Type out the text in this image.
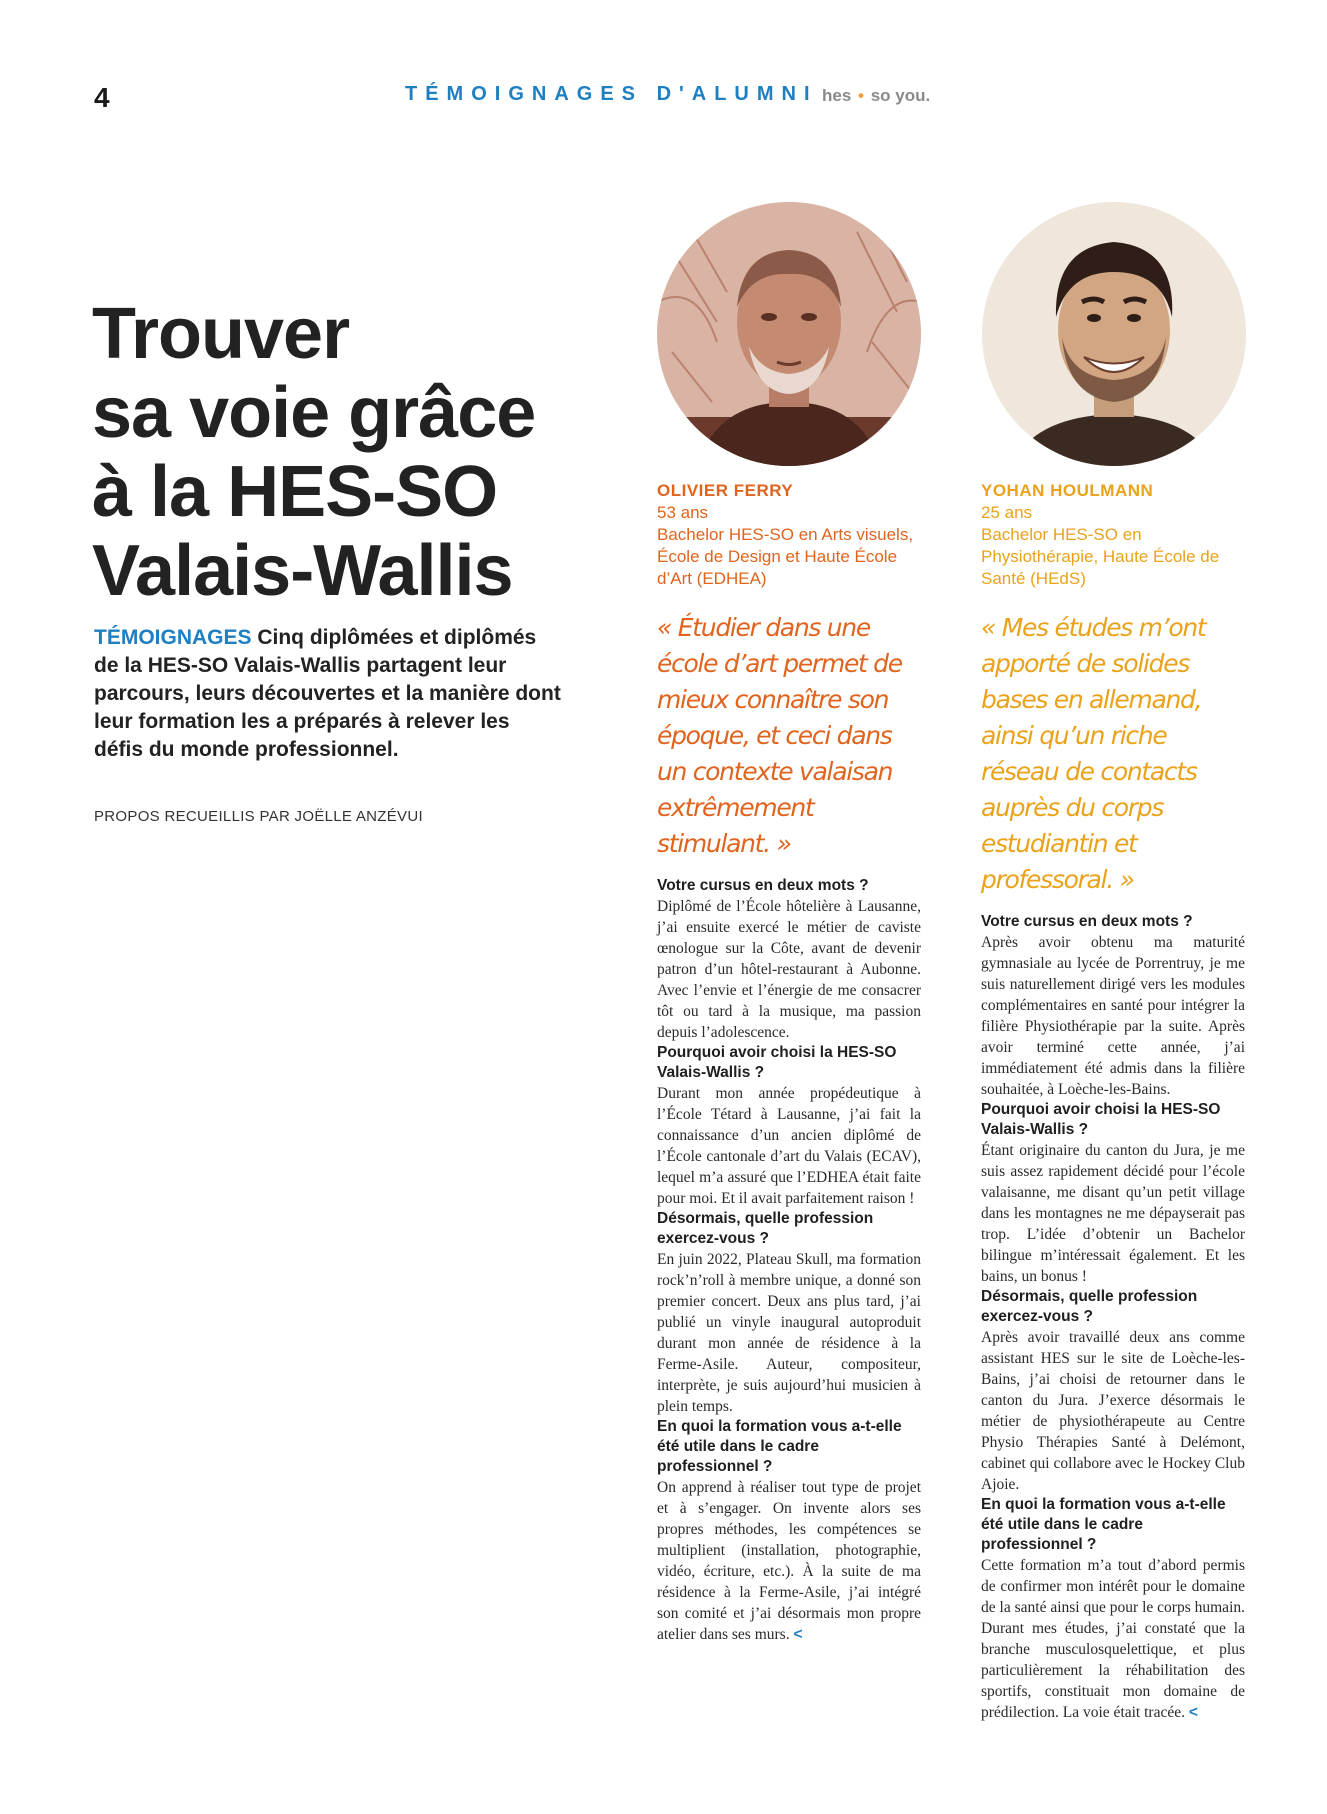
4	TÉMOIGNAGES D'ALUMNI hes • so you.
Trouver
sa voie grâce
à la HES-SO
Valais-Wallis

TÉMOIGNAGES Cinq diplômées et diplômés de la HES-SO Valais-Wallis partagent leur parcours, leurs découvertes et la manière dont leur formation les a préparés à relever les défis du monde professionnel.

PROPOS RECUEILLIS PAR JOËLLE ANZÉVUI
OLIVIER FERRY
53 ans
Bachelor HES-SO en Arts visuels, École de Design et Haute École d’Art (EDHEA)
« Étudier dans une école d’art permet de mieux connaître son époque, et ceci dans un contexte valaisan extrêmement stimulant. »
Votre cursus en deux mots ?

Diplômé de l’École hôtelière à Lausanne, j’ai ensuite exercé le métier de caviste œnologue sur la Côte, avant de devenir patron d’un hôtel-restaurant à Aubonne. Avec l’envie et l’énergie de me consacrer tôt ou tard à la musique, ma passion depuis l’adolescence.

Pourquoi avoir choisi la HES-SO Valais-Wallis ?

Durant mon année propédeutique à l’École Tétard à Lausanne, j’ai fait la connaissance d’un ancien diplômé de l’École cantonale d’art du Valais (ECAV), lequel m’a assuré que l’EDHEA était faite pour moi. Et il avait parfaitement raison !

Désormais, quelle profession exercez-vous ?

En juin 2022, Plateau Skull, ma formation rock’n’roll à membre unique, a donné son premier concert. Deux ans plus tard, j’ai publié un vinyle inaugural autoproduit durant mon année de résidence à la Ferme-Asile. Auteur, compositeur, interprète, je suis aujourd’hui musicien à plein temps.

En quoi la formation vous a-t-elle été utile dans le cadre professionnel ?

On apprend à réaliser tout type de projet et à s’engager. On invente alors ses propres méthodes, les compétences se multiplient (installation, photographie, vidéo, écriture, etc.). À la suite de ma résidence à la Ferme-Asile, j’ai intégré son comité et j’ai désormais mon propre atelier dans ses murs. <

YOHAN HOULMANN
25 ans
Bachelor HES-SO en Physiothérapie, Haute École de Santé (HEdS)
« Mes études m’ont apporté de solides bases en allemand, ainsi qu’un riche réseau de contacts auprès du corps estudiantin et professoral. »
Votre cursus en deux mots ?

Après avoir obtenu ma maturité gymnasiale au lycée de Porrentruy, je me suis naturellement dirigé vers les modules complémentaires en santé pour intégrer la filière Physiothérapie par la suite. Après avoir terminé cette année, j’ai immédiatement été admis dans la filière souhaitée, à Loèche-les-Bains.

Pourquoi avoir choisi la HES-SO Valais-Wallis ?

Étant originaire du canton du Jura, je me suis assez rapidement décidé pour l’école valaisanne, me disant qu’un petit village dans les montagnes ne me dépayserait pas trop. L’idée d’obtenir un Bachelor bilingue m’intéressait également. Et les bains, un bonus !

Désormais, quelle profession exercez-vous ?

Après avoir travaillé deux ans comme assistant HES sur le site de Loèche-les-Bains, j’ai choisi de retourner dans le canton du Jura. J’exerce désormais le métier de physiothérapeute au Centre Physio Thérapies Santé à Delémont, cabinet qui collabore avec le Hockey Club Ajoie.

En quoi la formation vous a-t-elle été utile dans le cadre professionnel ?

Cette formation m’a tout d’abord permis de confirmer mon intérêt pour le domaine de la santé ainsi que pour le corps humain. Durant mes études, j’ai constaté que la branche musculosquelettique, et plus particulièrement la réhabilitation des sportifs, constituait mon domaine de prédilection. La voie était tracée. <
